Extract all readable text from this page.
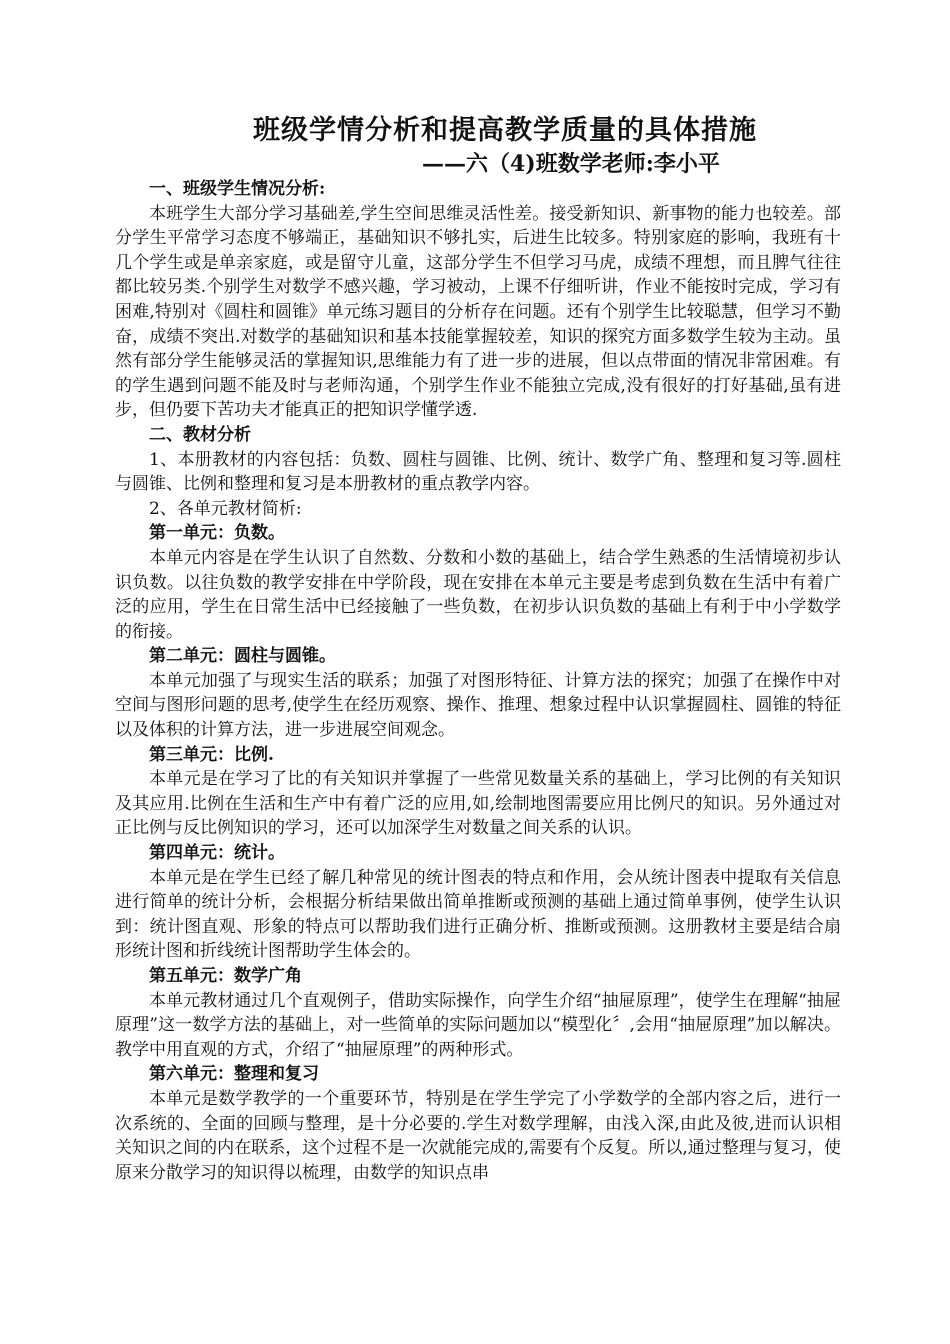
班级学情分析和提高教学质量的具体措施
——六（4)班数学老师:李小平

一、班级学生情况分析:

本班学生大部分学习基础差,学生空间思维灵活性差。接受新知识、新事物的能力也较差。部分学生平常学习态度不够端正，基础知识不够扎实，后进生比较多。特别家庭的影响，我班有十几个学生或是单亲家庭，或是留守儿童，这部分学生不但学习马虎，成绩不理想，而且脾气往往都比较另类.个别学生对数学不感兴趣，学习被动，上课不仔细听讲，作业不能按时完成，学习有困难,特别对《圆柱和圆锥》单元练习题目的分析存在问题。还有个别学生比较聪慧，但学习不勤奋，成绩不突出.对数学的基础知识和基本技能掌握较差，知识的探究方面多数学生较为主动。虽然有部分学生能够灵活的掌握知识,思维能力有了进一步的进展，但以点带面的情况非常困难。有的学生遇到问题不能及时与老师沟通，个别学生作业不能独立完成,没有很好的打好基础,虽有进步，但仍要下苦功夫才能真正的把知识学懂学透.

二、教材分析

1、本册教材的内容包括：负数、圆柱与圆锥、比例、统计、数学广角、整理和复习等.圆柱与圆锥、比例和整理和复习是本册教材的重点教学内容。

2、各单元教材简析:

第一单元：负数。

本单元内容是在学生认识了自然数、分数和小数的基础上，结合学生熟悉的生活情境初步认识负数。以往负数的教学安排在中学阶段，现在安排在本单元主要是考虑到负数在生活中有着广泛的应用，学生在日常生活中已经接触了一些负数，在初步认识负数的基础上有利于中小学数学的衔接。

第二单元：圆柱与圆锥。

本单元加强了与现实生活的联系；加强了对图形特征、计算方法的探究；加强了在操作中对空间与图形问题的思考,使学生在经历观察、操作、推理、想象过程中认识掌握圆柱、圆锥的特征以及体积的计算方法，进一步进展空间观念。

第三单元：比例.

本单元是在学习了比的有关知识并掌握了一些常见数量关系的基础上，学习比例的有关知识及其应用.比例在生活和生产中有着广泛的应用,如,绘制地图需要应用比例尺的知识。另外通过对正比例与反比例知识的学习，还可以加深学生对数量之间关系的认识。

第四单元：统计。

本单元是在学生已经了解几种常见的统计图表的特点和作用，会从统计图表中提取有关信息进行简单的统计分析，会根据分析结果做出简单推断或预测的基础上通过简单事例，使学生认识到：统计图直观、形象的特点可以帮助我们进行正确分析、推断或预测。这册教材主要是结合扇形统计图和折线统计图帮助学生体会的。

第五单元：数学广角

本单元教材通过几个直观例子，借助实际操作，向学生介绍“抽屉原理”，使学生在理解“抽屉原理”这一数学方法的基础上，对一些简单的实际问题加以“模型化〞,会用“抽屉原理”加以解决。教学中用直观的方式，介绍了“抽屉原理”的两种形式。

第六单元：整理和复习

本单元是数学教学的一个重要环节，特别是在学生学完了小学数学的全部内容之后，进行一次系统的、全面的回顾与整理，是十分必要的.学生对数学理解，由浅入深,由此及彼,进而认识相关知识之间的内在联系，这个过程不是一次就能完成的,需要有个反复。所以,通过整理与复习，使原来分散学习的知识得以梳理，由数学的知识点串
